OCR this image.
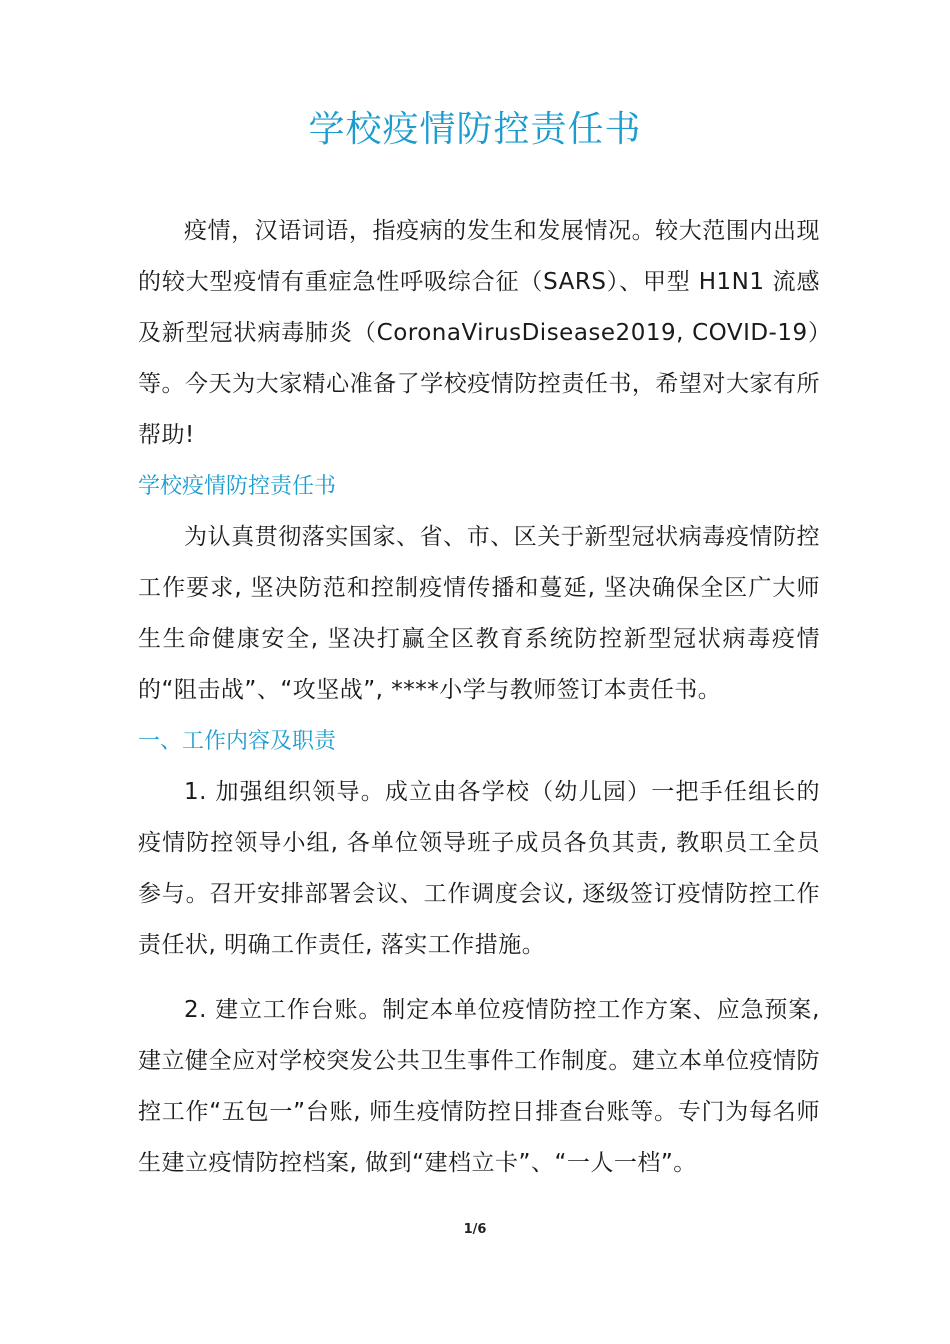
学校疫情防控责任书

疫情，汉语词语，指疫病的发生和发展情况。较大范围内出现的较大型疫情有重症急性呼吸综合征（SARS）、甲型 H1N1 流感及新型冠状病毒肺炎（CoronaVirusDisease2019, COVID-19）等。今天为大家精心准备了学校疫情防控责任书，希望对大家有所帮助!

学校疫情防控责任书

为认真贯彻落实国家、省、市、区关于新型冠状病毒疫情防控工作要求, 坚决防范和控制疫情传播和蔓延, 坚决确保全区广大师生生命健康安全, 坚决打赢全区教育系统防控新型冠状病毒疫情的“阻击战”、“攻坚战”, ****小学与教师签订本责任书。

一、工作内容及职责

1. 加强组织领导。成立由各学校（幼儿园）一把手任组长的疫情防控领导小组, 各单位领导班子成员各负其责, 教职员工全员参与。召开安排部署会议、工作调度会议, 逐级签订疫情防控工作责任状, 明确工作责任, 落实工作措施。

2. 建立工作台账。制定本单位疫情防控工作方案、应急预案, 建立健全应对学校突发公共卫生事件工作制度。建立本单位疫情防控工作“五包一”台账, 师生疫情防控日排查台账等。专门为每名师生建立疫情防控档案, 做到“建档立卡”、“一人一档”。

1/6
